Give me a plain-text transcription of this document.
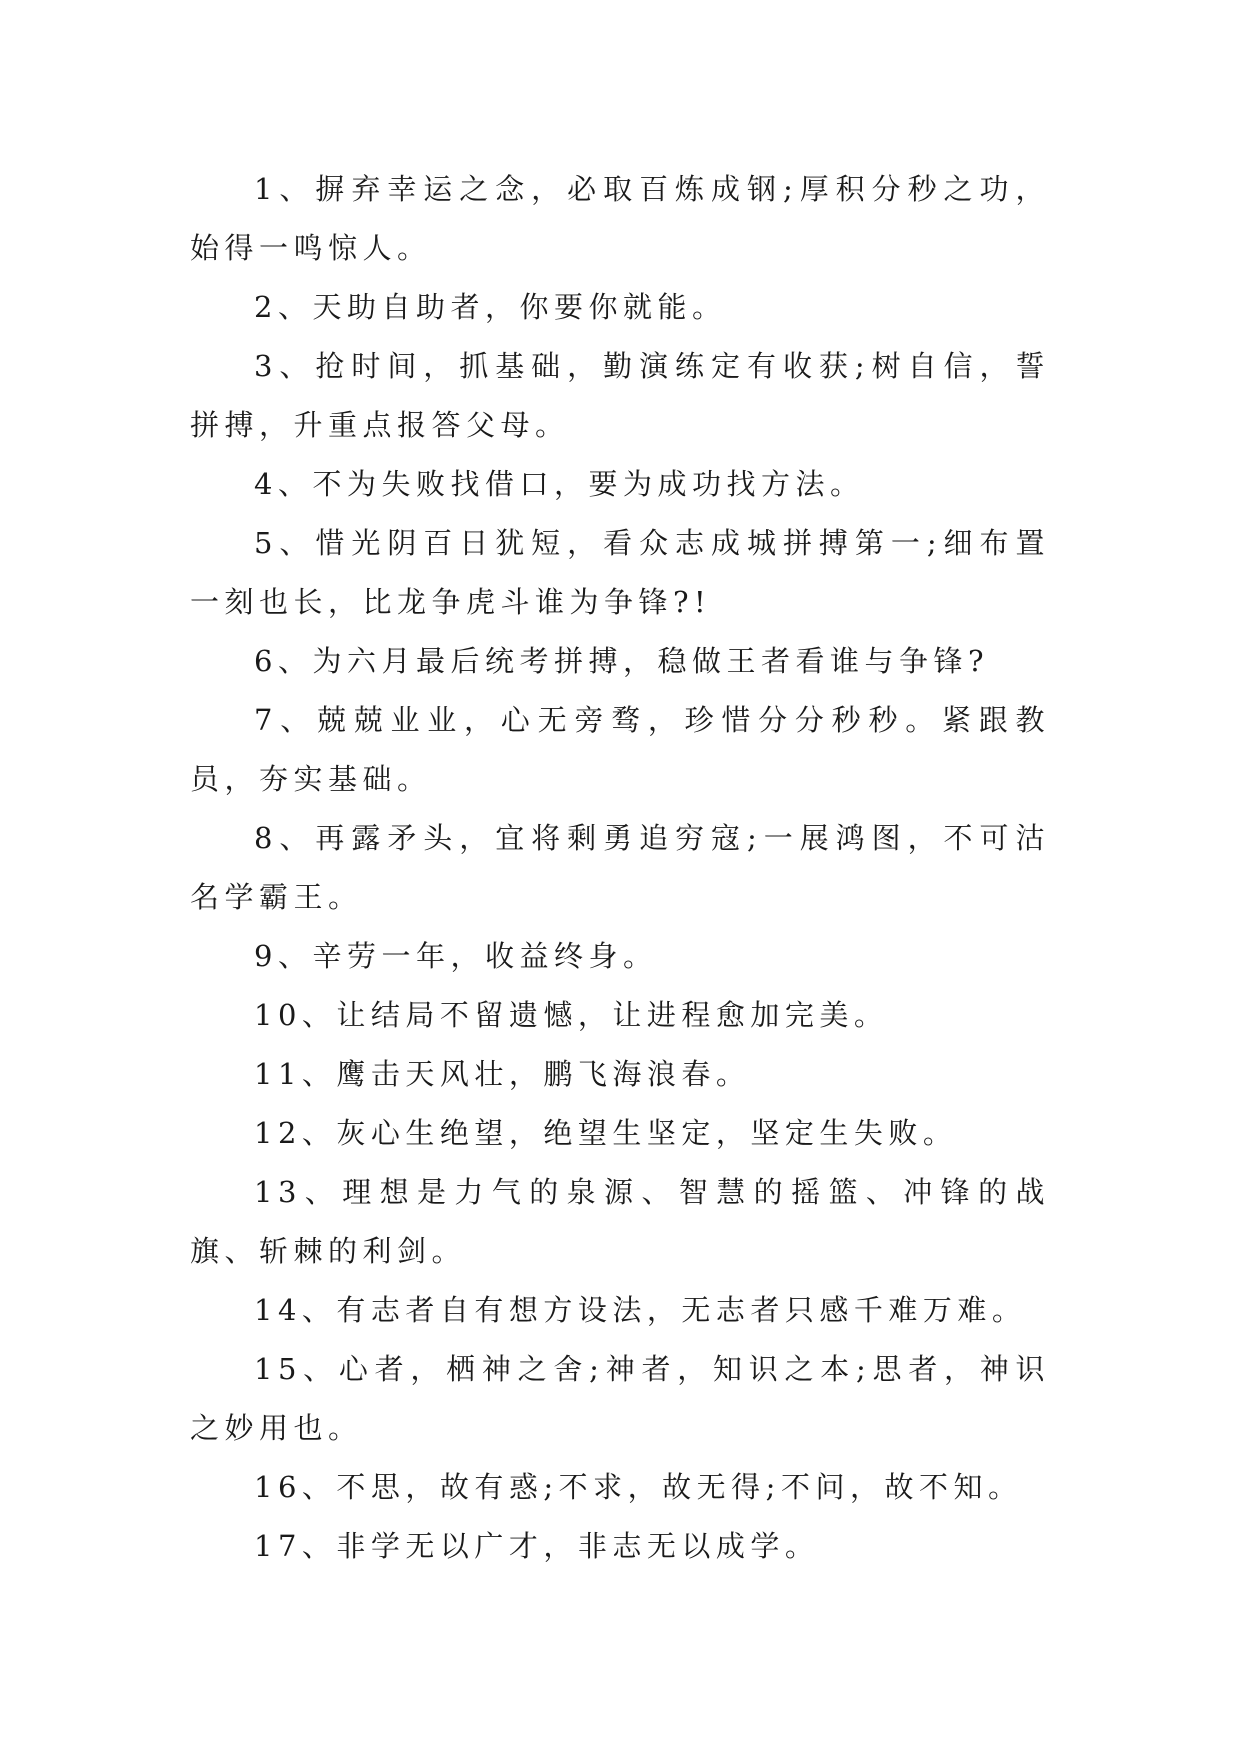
1、摒弃幸运之念，必取百炼成钢;厚积分秒之功，始得一鸣惊人。

2、天助自助者，你要你就能。

3、抢时间，抓基础，勤演练定有收获;树自信，誓拼搏，升重点报答父母。

4、不为失败找借口，要为成功找方法。

5、惜光阴百日犹短，看众志成城拼搏第一;细布置一刻也长，比龙争虎斗谁为争锋?!

6、为六月最后统考拼搏，稳做王者看谁与争锋?

7、兢兢业业，心无旁骛，珍惜分分秒秒。紧跟教员，夯实基础。

8、再露矛头，宜将剩勇追穷寇;一展鸿图，不可沽名学霸王。

9、辛劳一年，收益终身。

10、让结局不留遗憾，让进程愈加完美。

11、鹰击天风壮，鹏飞海浪春。

12、灰心生绝望，绝望生坚定，坚定生失败。

13、理想是力气的泉源、智慧的摇篮、冲锋的战旗、斩棘的利剑。

14、有志者自有想方设法，无志者只感千难万难。

15、心者，栖神之舍;神者，知识之本;思者，神识之妙用也。

16、不思，故有惑;不求，故无得;不问，故不知。

17、非学无以广才，非志无以成学。
